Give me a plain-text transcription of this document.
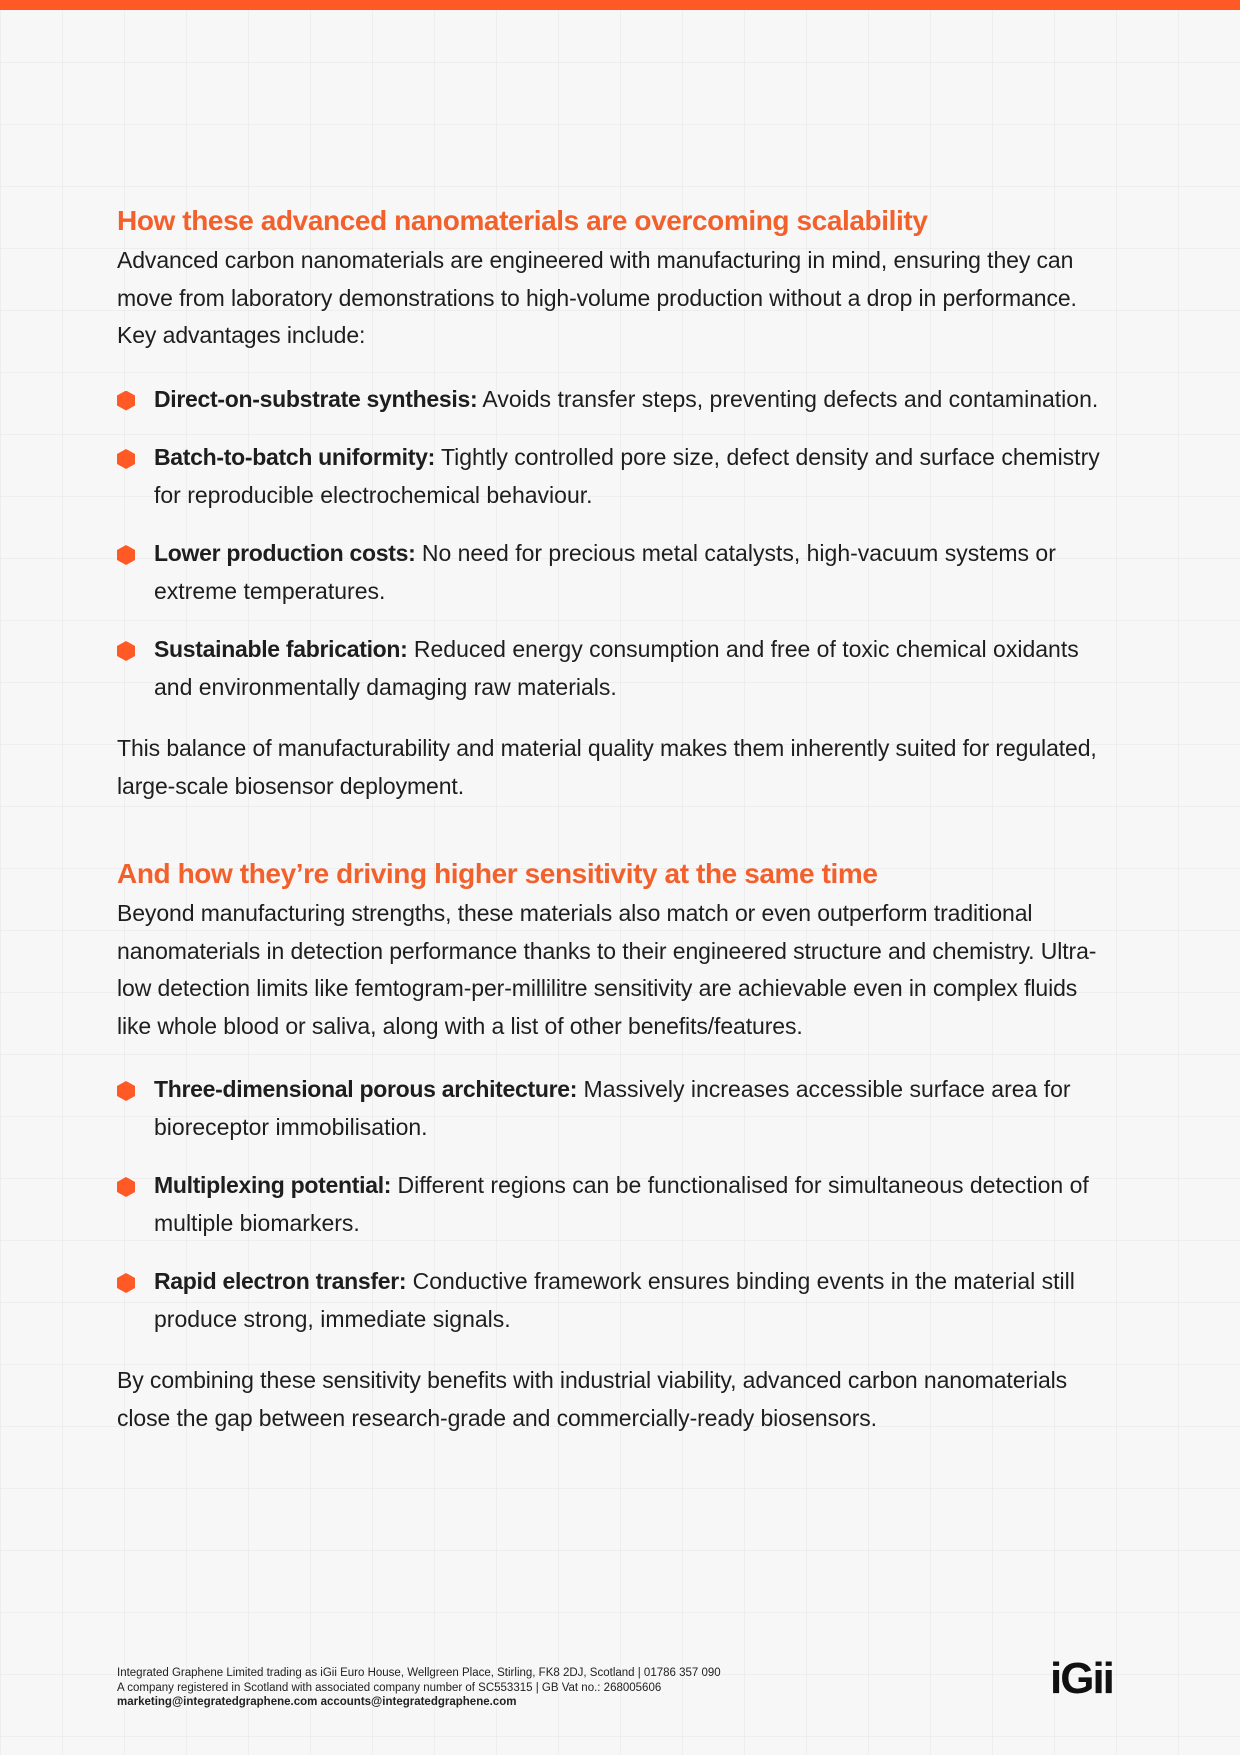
How these advanced nanomaterials are overcoming scalability

Advanced carbon nanomaterials are engineered with manufacturing in mind, ensuring they can move from laboratory demonstrations to high-volume production without a drop in performance. Key advantages include:

Direct-on-substrate synthesis: Avoids transfer steps, preventing defects and contamination.
Batch-to-batch uniformity: Tightly controlled pore size, defect density and surface chemistry for reproducible electrochemical behaviour.
Lower production costs: No need for precious metal catalysts, high-vacuum systems or extreme temperatures.
Sustainable fabrication: Reduced energy consumption and free of toxic chemical oxidants and environmentally damaging raw materials.

This balance of manufacturability and material quality makes them inherently suited for regulated, large-scale biosensor deployment.

And how they’re driving higher sensitivity at the same time

Beyond manufacturing strengths, these materials also match or even outperform traditional nanomaterials in detection performance thanks to their engineered structure and chemistry. Ultra-low detection limits like femtogram-per-millilitre sensitivity are achievable even in complex fluids like whole blood or saliva, along with a list of other benefits/features.

Three-dimensional porous architecture: Massively increases accessible surface area for bioreceptor immobilisation.
Multiplexing potential: Different regions can be functionalised for simultaneous detection of multiple biomarkers.
Rapid electron transfer: Conductive framework ensures binding events in the material still produce strong, immediate signals.

By combining these sensitivity benefits with industrial viability, advanced carbon nanomaterials close the gap between research-grade and commercially-ready biosensors.

Integrated Graphene Limited trading as iGii Euro House, Wellgreen Place, Stirling, FK8 2DJ, Scotland | 01786 357 090
A company registered in Scotland with associated company number of SC553315 | GB Vat no.: 268005606
marketing@integratedgraphene.com accounts@integratedgraphene.com	iGii
